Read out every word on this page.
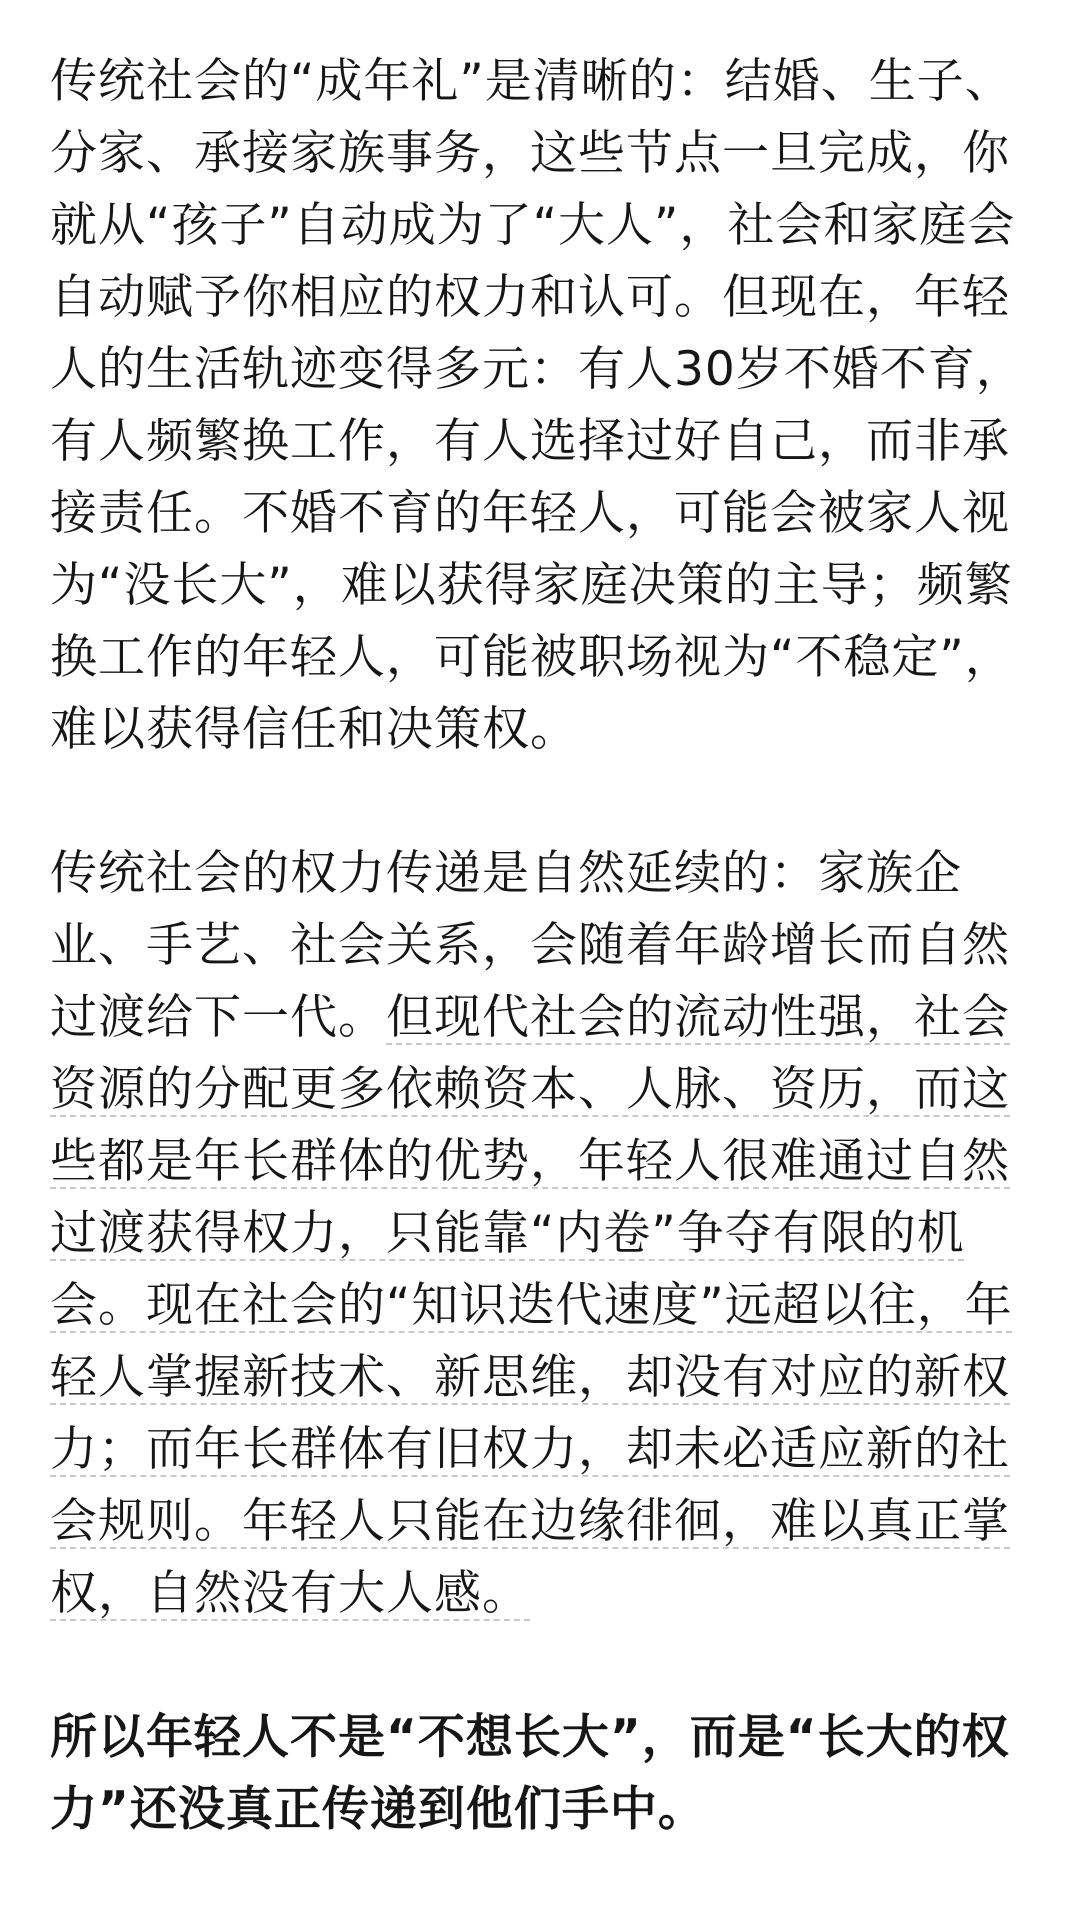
传统社会的“成年礼”是清晰的：结婚、生子、分家、承接家族事务，这些节点一旦完成，你就从“孩子”自动成为了“大人”，社会和家庭会自动赋予你相应的权力和认可。但现在，年轻人的生活轨迹变得多元：有人30岁不婚不育，有人频繁换工作，有人选择过好自己，而非承接责任。不婚不育的年轻人，可能会被家人视为“没长大”，难以获得家庭决策的主导；频繁换工作的年轻人，可能被职场视为“不稳定”，难以获得信任和决策权。

传统社会的权力传递是自然延续的：家族企业、手艺、社会关系，会随着年龄增长而自然过渡给下一代。但现代社会的流动性强，社会资源的分配更多依赖资本、人脉、资历，而这些都是年长群体的优势，年轻人很难通过自然过渡获得权力，只能靠“内卷”争夺有限的机会。现在社会的“知识迭代速度”远超以往，年轻人掌握新技术、新思维，却没有对应的新权力；而年长群体有旧权力，却未必适应新的社会规则。年轻人只能在边缘徘徊，难以真正掌权，自然没有大人感。

所以年轻人不是“不想长大”，而是“长大的权力”还没真正传递到他们手中。
